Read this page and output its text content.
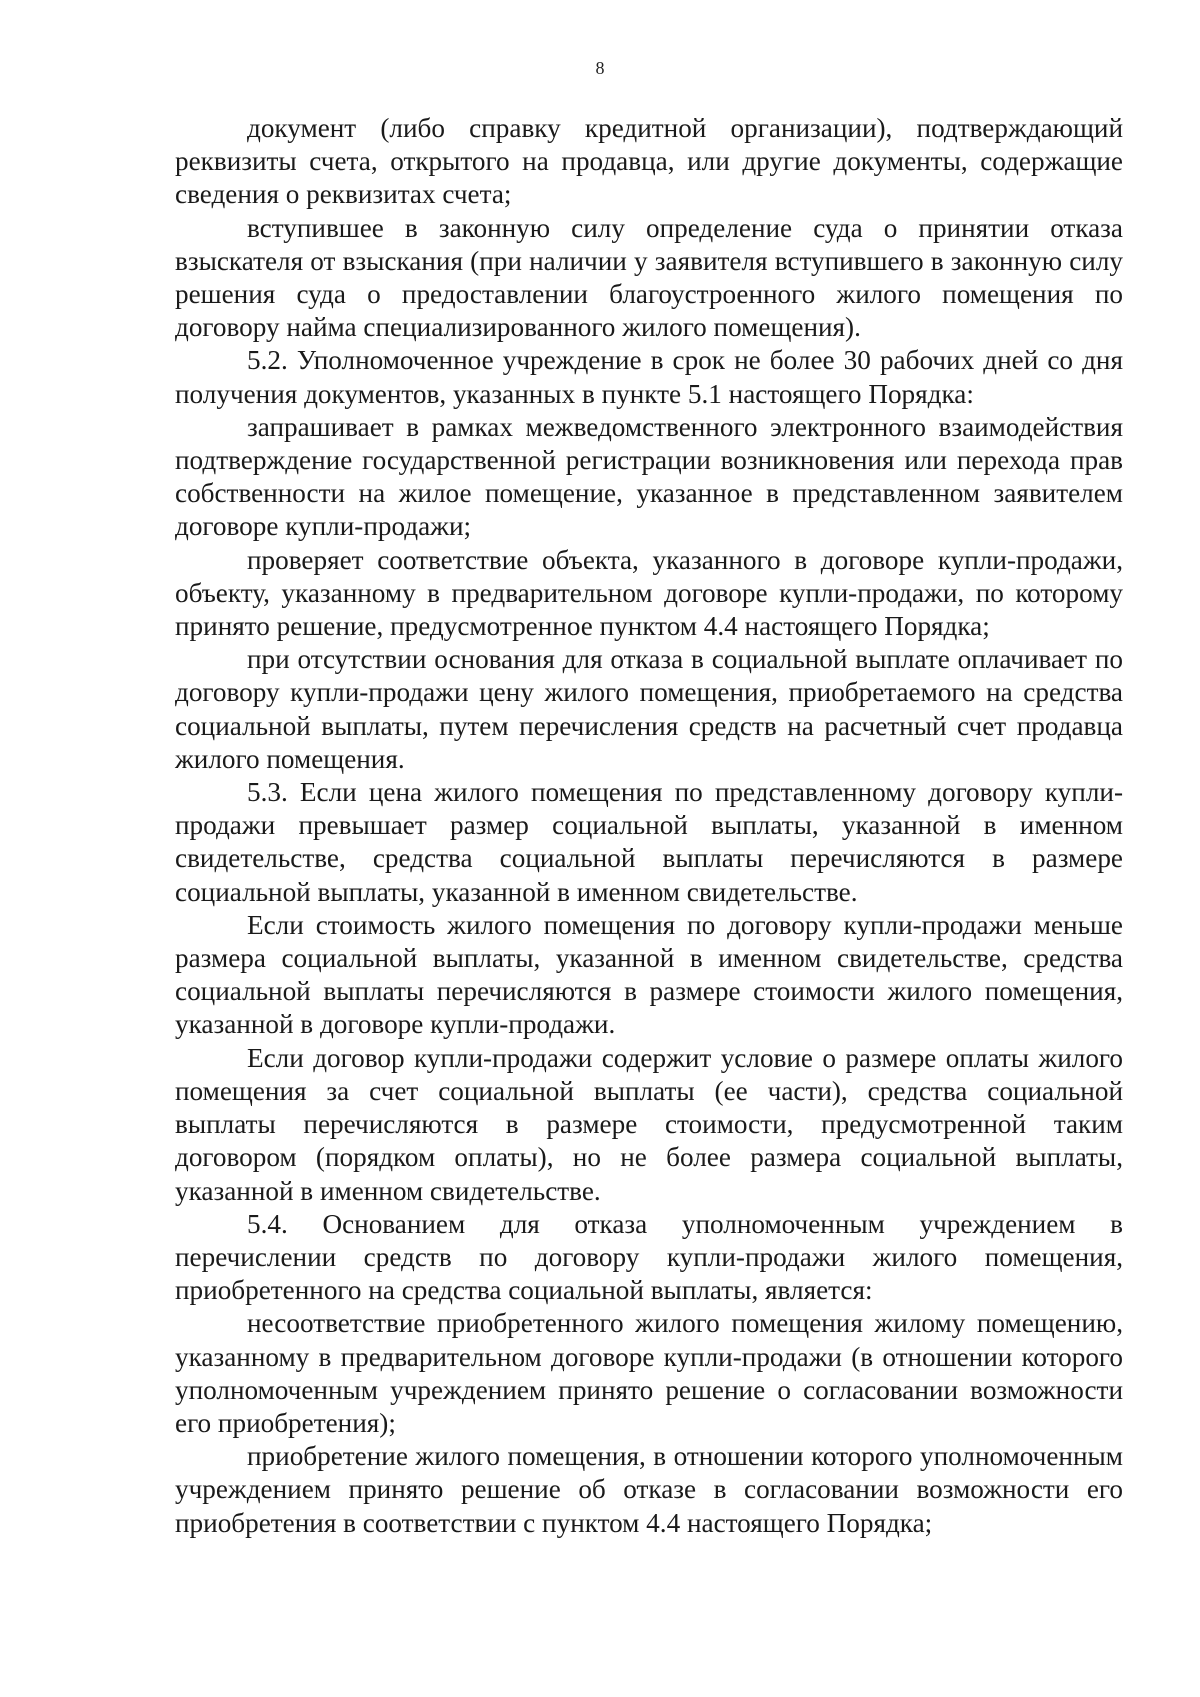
8

документ (либо справку кредитной организации), подтверждающий реквизиты счета, открытого на продавца, или другие документы, содержащие сведения о реквизитах счета;

вступившее в законную силу определение суда о принятии отказа взыскателя от взыскания (при наличии у заявителя вступившего в законную силу решения суда о предоставлении благоустроенного жилого помещения по договору найма специализированного жилого помещения).

5.2. Уполномоченное учреждение в срок не более 30 рабочих дней со дня получения документов, указанных в пункте 5.1 настоящего Порядка:

запрашивает в рамках межведомственного электронного взаимодействия подтверждение государственной регистрации возникновения или перехода прав собственности на жилое помещение, указанное в представленном заявителем договоре купли-продажи;

проверяет соответствие объекта, указанного в договоре купли-продажи, объекту, указанному в предварительном договоре купли-продажи, по которому принято решение, предусмотренное пунктом 4.4 настоящего Порядка;

при отсутствии основания для отказа в социальной выплате оплачивает по договору купли-продажи цену жилого помещения, приобретаемого на средства социальной выплаты, путем перечисления средств на расчетный счет продавца жилого помещения.

5.3. Если цена жилого помещения по представленному договору купли-продажи превышает размер социальной выплаты, указанной в именном свидетельстве, средства социальной выплаты перечисляются в размере социальной выплаты, указанной в именном свидетельстве.

Если стоимость жилого помещения по договору купли-продажи меньше размера социальной выплаты, указанной в именном свидетельстве, средства социальной выплаты перечисляются в размере стоимости жилого помещения, указанной в договоре купли-продажи.

Если договор купли-продажи содержит условие о размере оплаты жилого помещения за счет социальной выплаты (ее части), средства социальной выплаты перечисляются в размере стоимости, предусмотренной таким договором (порядком оплаты), но не более размера социальной выплаты, указанной в именном свидетельстве.

5.4. Основанием для отказа уполномоченным учреждением в перечислении средств по договору купли-продажи жилого помещения, приобретенного на средства социальной выплаты, является:

несоответствие приобретенного жилого помещения жилому помещению, указанному в предварительном договоре купли-продажи (в отношении которого уполномоченным учреждением принято решение о согласовании возможности его приобретения);

приобретение жилого помещения, в отношении которого уполномоченным учреждением принято решение об отказе в согласовании возможности его приобретения в соответствии с пунктом 4.4 настоящего Порядка;
